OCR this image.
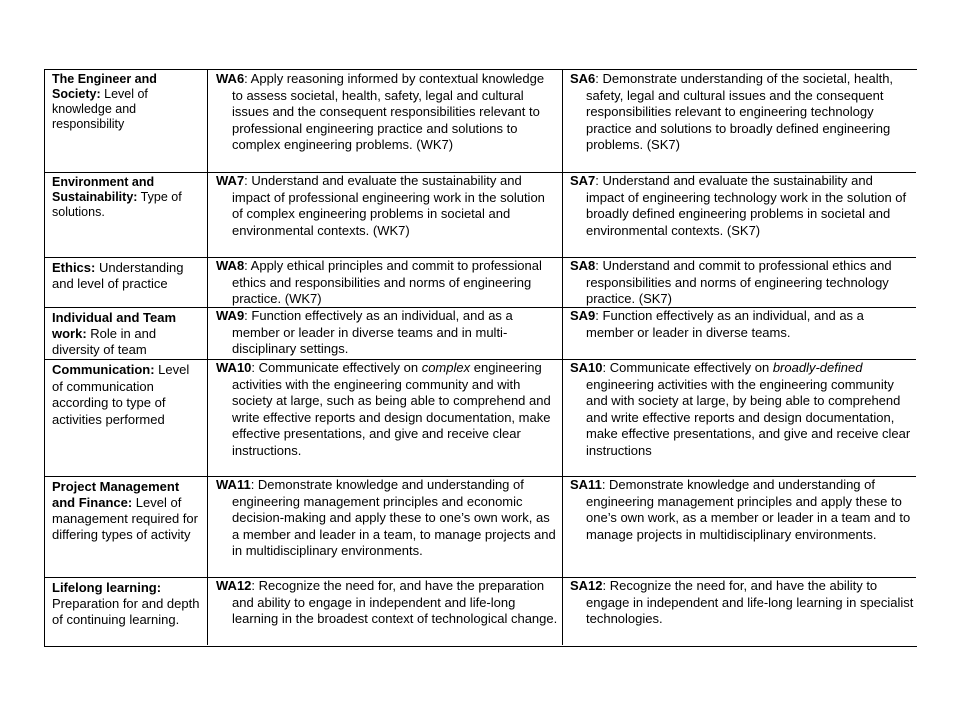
The Engineer and Society: Level of knowledge and responsibility

WA6: Apply reasoning informed by contextual knowledge to assess societal, health, safety, legal and cultural issues and the consequent responsibilities relevant to professional engineering practice and solutions to complex engineering problems. (WK7)

SA6: Demonstrate understanding of the societal, health, safety, legal and cultural issues and the consequent responsibilities relevant to engineering technology practice and solutions to broadly defined engineering problems. (SK7)

Environment and Sustainability: Type of solutions.

WA7: Understand and evaluate the sustainability and impact of professional engineering work in the solution of complex engineering problems in societal and environmental contexts. (WK7)

SA7: Understand and evaluate the sustainability and impact of engineering technology work in the solution of broadly defined engineering problems in societal and environmental contexts. (SK7)

Ethics: Understanding and level of practice

WA8: Apply ethical principles and commit to professional ethics and responsibilities and norms of engineering practice. (WK7)

SA8: Understand and commit to professional ethics and responsibilities and norms of engineering technology practice. (SK7)

Individual and Team work: Role in and diversity of team

WA9: Function effectively as an individual, and as a member or leader in diverse teams and in multi-disciplinary settings.

SA9: Function effectively as an individual, and as a member or leader in diverse teams.

Communication: Level of communication according to type of activities performed

WA10: Communicate effectively on complex engineering activities with the engineering community and with society at large, such as being able to comprehend and write effective reports and design documentation, make effective presentations, and give and receive clear instructions.

SA10: Communicate effectively on broadly-defined engineering activities with the engineering community and with society at large, by being able to comprehend and write effective reports and design documentation, make effective presentations, and give and receive clear instructions

Project Management and Finance: Level of management required for differing types of activity

WA11: Demonstrate knowledge and understanding of engineering management principles and economic decision-making and apply these to one’s own work, as a member and leader in a team, to manage projects and in multidisciplinary environments.

SA11: Demonstrate knowledge and understanding of engineering management principles and apply these to one’s own work, as a member or leader in a team and to manage projects in multidisciplinary environments.

Lifelong learning: Preparation for and depth of continuing learning.

WA12: Recognize the need for, and have the preparation and ability to engage in independent and life-long learning in the broadest context of technological change.

SA12: Recognize the need for, and have the ability to engage in independent and life-long learning in specialist technologies.
